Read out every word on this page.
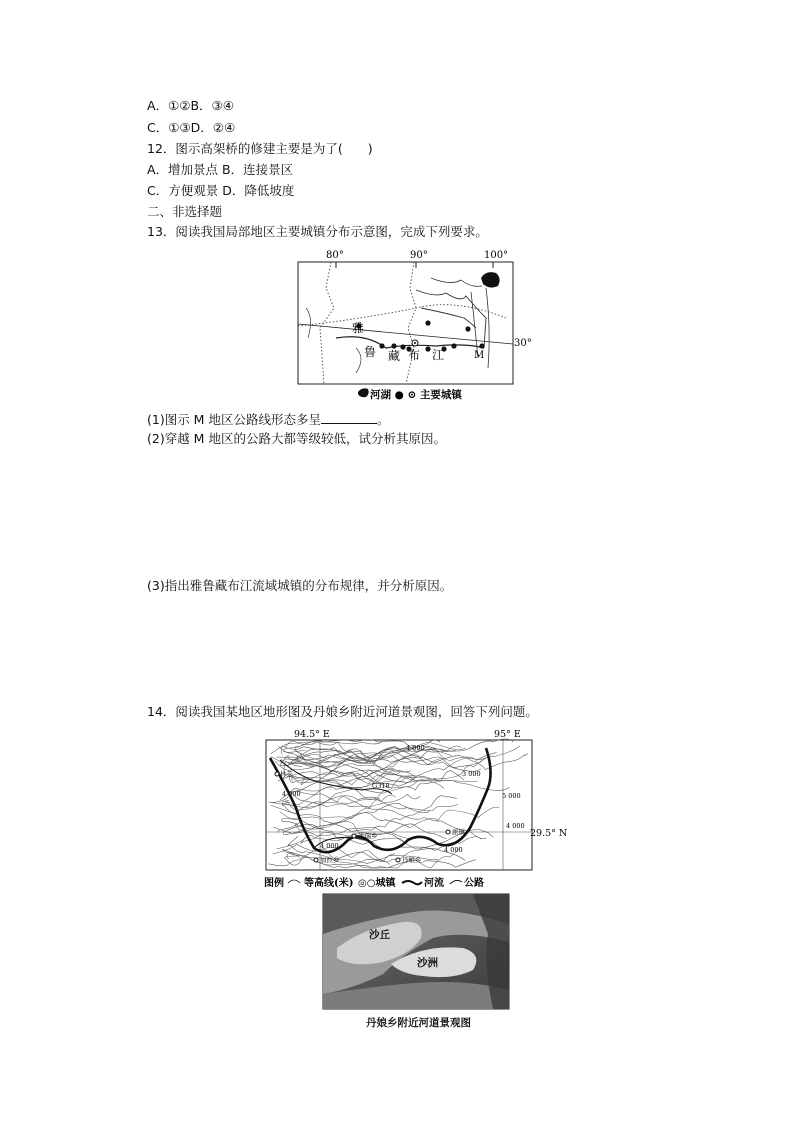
A．①②B．③④
C．①③D．②④
12．图示高架桥的修建主要是为了(　　)
A．增加景点 B．连接景区
C．方便观景 D．降低坡度
二、非选择题
13．阅读我国局部地区主要城镇分布示意图，完成下列要求。
80°	90°	100°
30°
雅
鲁 藏 布 江	M
河湖 ● ⊙ 主要城镇
(1)图示 M 地区公路线形态多呈	。
(2)穿越 M 地区的公路大都等级较低，试分析其原因。
(3)指出雅鲁藏布江流域城镇的分布规律，并分析原因。
14．阅读我国某地区地形图及丹娘乡附近河道景观图，回答下列问题。
94.5° E	95° E
29.5° N
林芝
G318
米瑞乡	派镇
加拉乡	丹娘乡
4 000
3 000
5 000
4 000
4 000	4 000
4 000
图例 等高线(米) ◎○城镇	河流 公路
沙丘
沙洲
丹娘乡附近河道景观图
